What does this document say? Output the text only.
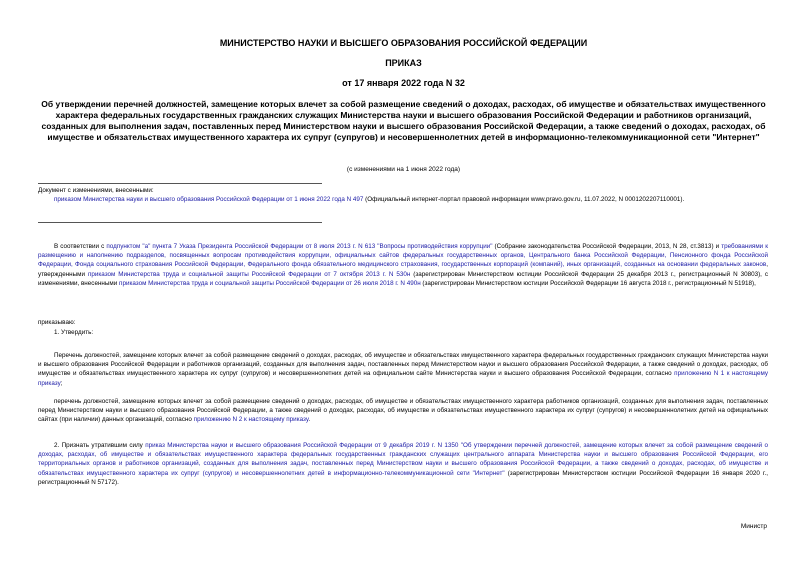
МИНИСТЕРСТВО НАУКИ И ВЫСШЕГО ОБРАЗОВАНИЯ РОССИЙСКОЙ ФЕДЕРАЦИИ
ПРИКАЗ
от 17 января 2022 года N 32
Об утверждении перечней должностей, замещение которых влечет за собой размещение сведений о доходах, расходах, об имуществе и обязательствах имущественного характера федеральных государственных гражданских служащих Министерства науки и высшего образования Российской Федерации и работников организаций, созданных для выполнения задач, поставленных перед Министерством науки и высшего образования Российской Федерации, а также сведений о доходах, расходах, об имуществе и обязательствах имущественного характера их супруг (супругов) и несовершеннолетних детей в информационно-телекоммуникационной сети "Интернет"
(с изменениями на 1 июня 2022 года)
Документ с изменениями, внесенными:
приказом Министерства науки и высшего образования Российской Федерации от 1 июня 2022 года N 497 (Официальный интернет-портал правовой информации www.pravo.gov.ru, 11.07.2022, N 0001202207110001).
В соответствии с подпунктом "а" пункта 7 Указа Президента Российской Федерации от 8 июля 2013 г. N 613 "Вопросы противодействия коррупции" (Собрание законодательства Российской Федерации, 2013, N 28, ст.3813) и требованиями к размещению и наполнению подразделов, посвященных вопросам противодействия коррупции, официальных сайтов федеральных государственных органов, Центрального банка Российской Федерации, Пенсионного фонда Российской Федерации, Фонда социального страхования Российской Федерации, Федерального фонда обязательного медицинского страхования, государственных корпораций (компаний), иных организаций, созданных на основании федеральных законов, утвержденными приказом Министерства труда и социальной защиты Российской Федерации от 7 октября 2013 г. N 530н (зарегистрирован Министерством юстиции Российской Федерации 25 декабря 2013 г., регистрационный N 30803), с изменениями, внесенными приказом Министерства труда и социальной защиты Российской Федерации от 26 июля 2018 г. N 490н (зарегистрирован Министерством юстиции Российской Федерации 16 августа 2018 г., регистрационный N 51918),
приказываю:
1. Утвердить:
Перечень должностей, замещение которых влечет за собой размещение сведений о доходах, расходах, об имуществе и обязательствах имущественного характера федеральных государственных гражданских служащих Министерства науки и высшего образования Российской Федерации и работников организаций, созданных для выполнения задач, поставленных перед Министерством науки и высшего образования Российской Федерации, а также сведений о доходах, расходах, об имуществе и обязательствах имущественного характера их супруг (супругов) и несовершеннолетних детей на официальном сайте Министерства науки и высшего образования Российской Федерации, согласно приложению N 1 к настоящему приказу;
перечень должностей, замещение которых влечет за собой размещение сведений о доходах, расходах, об имуществе и обязательствах имущественного характера работников организаций, созданных для выполнения задач, поставленных перед Министерством науки и высшего образования Российской Федерации, а также сведений о доходах, расходах, об имуществе и обязательствах имущественного характера их супруг (супругов) и несовершеннолетних детей на официальных сайтах (при наличии) данных организаций, согласно приложению N 2 к настоящему приказу.
2. Признать утратившим силу приказ Министерства науки и высшего образования Российской Федерации от 9 декабря 2019 г. N 1350 "Об утверждении перечней должностей, замещение которых влечет за собой размещение сведений о доходах, расходах, об имуществе и обязательствах имущественного характера федеральных государственных гражданских служащих центрального аппарата Министерства науки и высшего образования Российской Федерации, его территориальных органов и работников организаций, созданных для выполнения задач, поставленных перед Министерством науки и высшего образования Российской Федерации, а также сведений о доходах, расходах, об имуществе и обязательствах имущественного характера их супруг (супругов) и несовершеннолетних детей в информационно-телекоммуникационной сети "Интернет" (зарегистрирован Министерством юстиции Российской Федерации 16 января 2020 г., регистрационный N 57172).
Министр
